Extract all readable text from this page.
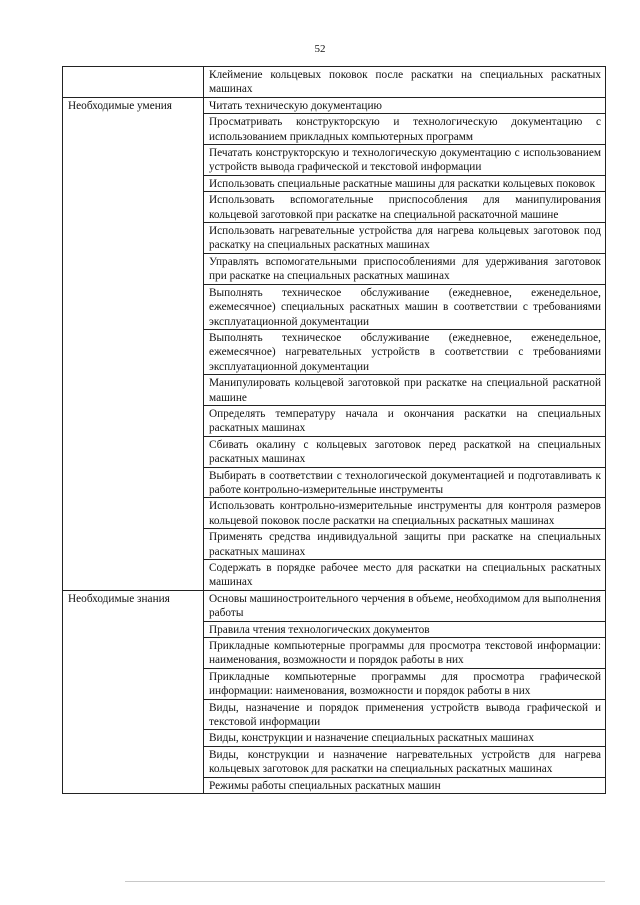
52
	Клеймение кольцевых поковок после раскатки на специальных раскатных машинах
Необходимые умения	Читать техническую документацию
	Просматривать конструкторскую и технологическую документацию с использованием прикладных компьютерных программ
	Печатать конструкторскую и технологическую документацию с использованием устройств вывода графической и текстовой информации
	Использовать специальные раскатные машины для раскатки кольцевых поковок
	Использовать вспомогательные приспособления для манипулирования кольцевой заготовкой при раскатке на специальной раскаточной машине
	Использовать нагревательные устройства для нагрева кольцевых заготовок под раскатку на специальных раскатных машинах
	Управлять вспомогательными приспособлениями для удерживания заготовок при раскатке на специальных раскатных машинах
	Выполнять техническое обслуживание (ежедневное, еженедельное, ежемесячное) специальных раскатных машин в соответствии с требованиями эксплуатационной документации
	Выполнять техническое обслуживание (ежедневное, еженедельное, ежемесячное) нагревательных устройств в соответствии с требованиями эксплуатационной документации
	Манипулировать кольцевой заготовкой при раскатке на специальной раскатной машине
	Определять температуру начала и окончания раскатки на специальных раскатных машинах
	Сбивать окалину с кольцевых заготовок перед раскаткой на специальных раскатных машинах
	Выбирать в соответствии с технологической документацией и подготавливать к работе контрольно-измерительные инструменты
	Использовать контрольно-измерительные инструменты для контроля размеров кольцевой поковок после раскатки на специальных раскатных машинах
	Применять средства индивидуальной защиты при раскатке на специальных раскатных машинах
	Содержать в порядке рабочее место для раскатки на специальных раскатных машинах
Необходимые знания	Основы машиностроительного черчения в объеме, необходимом для выполнения работы
	Правила чтения технологических документов
	Прикладные компьютерные программы для просмотра текстовой информации: наименования, возможности и порядок работы в них
	Прикладные компьютерные программы для просмотра графической информации: наименования, возможности и порядок работы в них
	Виды, назначение и порядок применения устройств вывода графической и текстовой информации
	Виды, конструкции и назначение специальных раскатных машинах
	Виды, конструкции и назначение нагревательных устройств для нагрева кольцевых заготовок для раскатки на специальных раскатных машинах
	Режимы работы специальных раскатных машин
